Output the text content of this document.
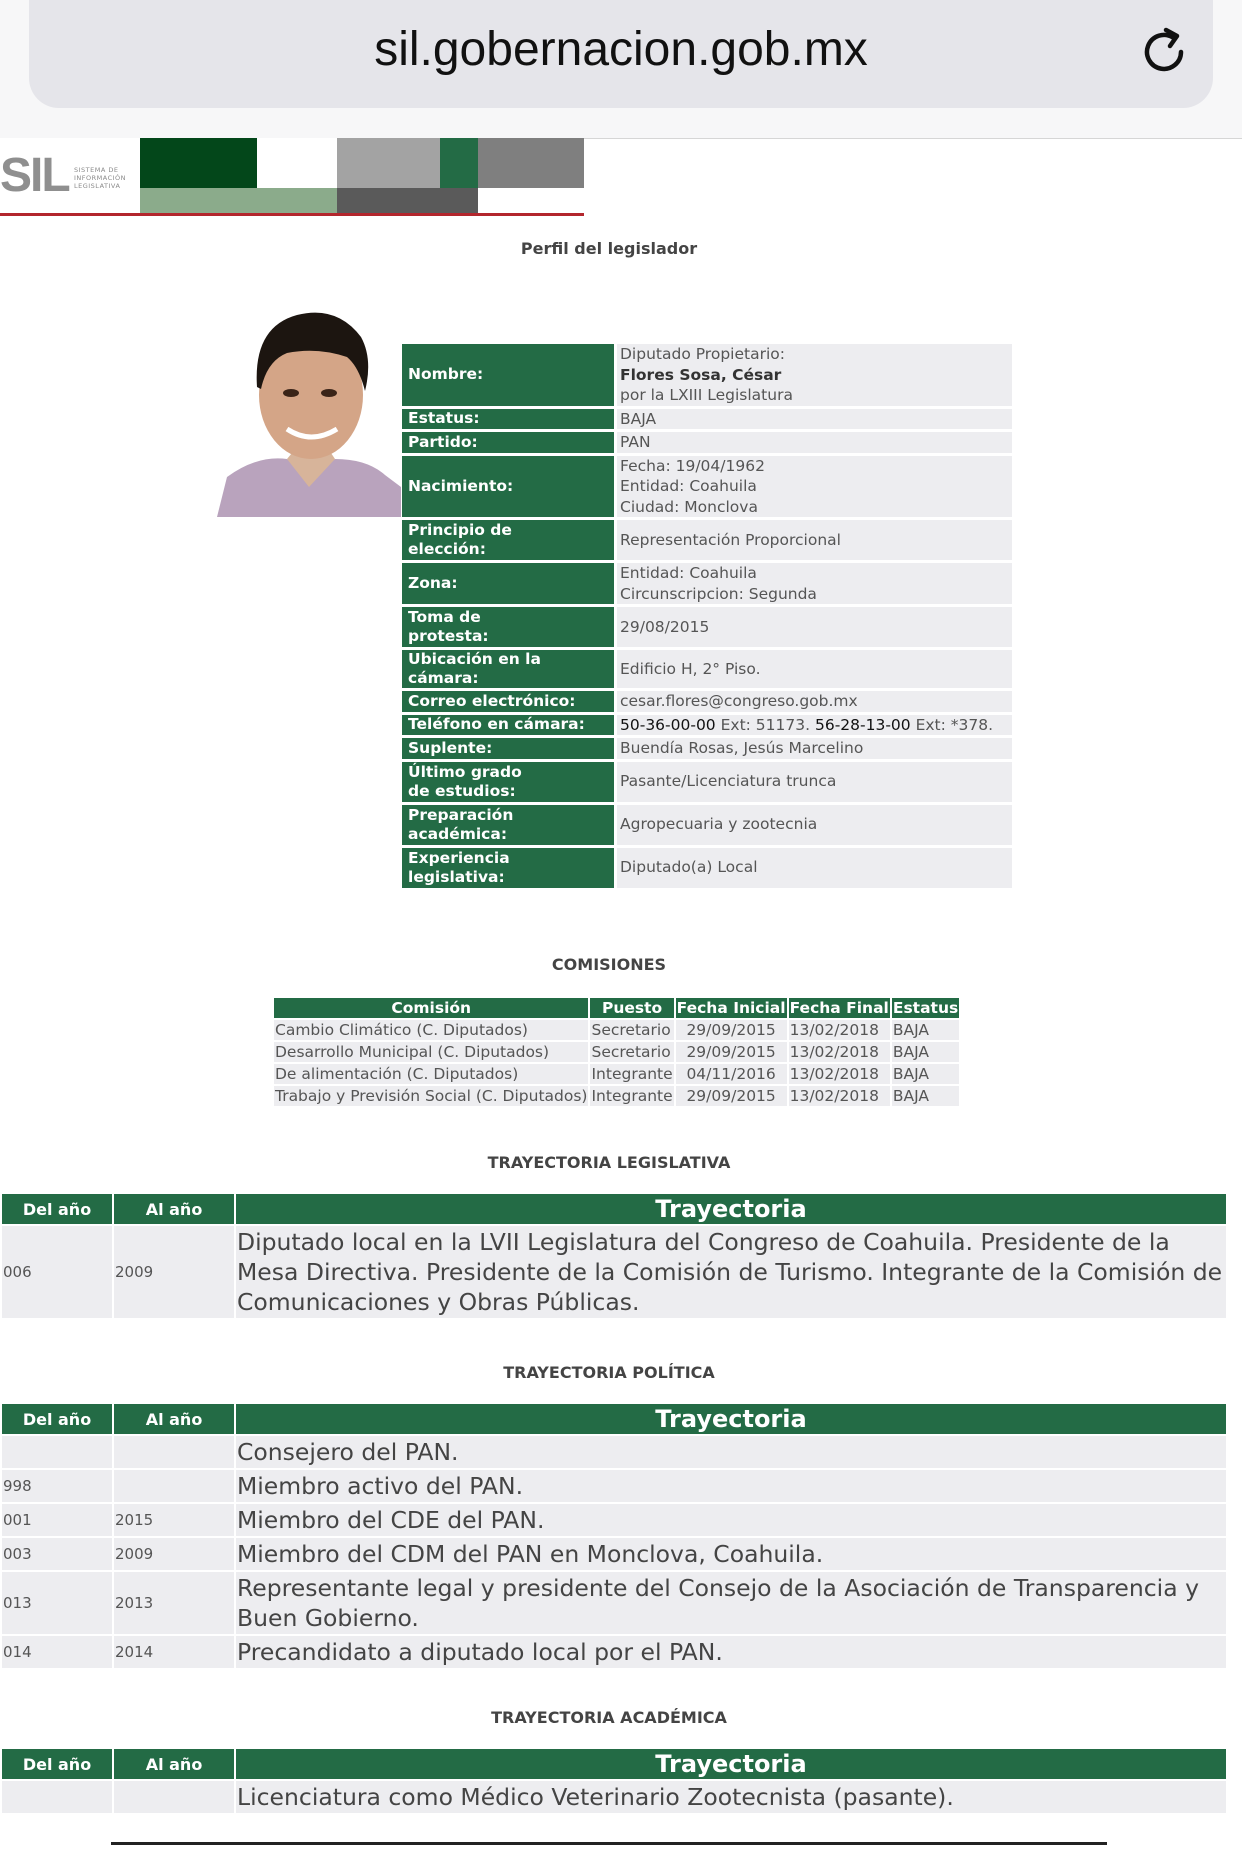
sil.gobernacion.gob.mx
SIL SISTEMA DE INFORMACIÓN LEGISLATIVA
Perfil del legislador
Nombre:		Diputado Propietario:
Flores Sosa, César
por la LXIII Legislatura

Estatus:		BAJA
Partido:		PAN
Nacimiento:		Fecha: 19/04/1962
Entidad: Coahuila
Ciudad: Monclova

Principio de
elección:		Representación Proporcional
Zona:		Entidad: Coahuila
Circunscripcion: Segunda

Toma de
protesta:		29/08/2015
Ubicación en la cámara:		Edificio H, 2° Piso.
Correo electrónico:		cesar.flores@congreso.gob.mx
Teléfono en cámara:		50-36-00-00 Ext: 51173. 56-28-13-00 Ext: *378.
Suplente:		Buendía Rosas, Jesús Marcelino

Último grado
de estudios:		Pasante/Licenciatura trunca

Preparación
académica:		Agropecuaria y zootecnia

Experiencia
legislativa:		Diputado(a) Local
COMISIONES
Comisión	Puesto	Fecha Inicial	Fecha Final	Estatus
Cambio Climático (C. Diputados)	Secretario	29/09/2015	13/02/2018	BAJA
Desarrollo Municipal (C. Diputados)	Secretario	29/09/2015	13/02/2018	BAJA
De alimentación (C. Diputados)	Integrante	04/11/2016	13/02/2018	BAJA
Trabajo y Previsión Social (C. Diputados)	Integrante	29/09/2015	13/02/2018	BAJA
TRAYECTORIA LEGISLATIVA
Del año	Al año	Trayectoria
006	2009	Diputado local en la LVII Legislatura del Congreso de Coahuila. Presidente de la Mesa Directiva. Presidente de la Comisión de Turismo. Integrante de la Comisión de Comunicaciones y Obras Públicas.
TRAYECTORIA POLÍTICA
Del año	Al año	Trayectoria
		Consejero del PAN.
998		Miembro activo del PAN.
001	2015	Miembro del CDE del PAN.
003	2009	Miembro del CDM del PAN en Monclova, Coahuila.
013	2013	Representante legal y presidente del Consejo de la Asociación de Transparencia y Buen Gobierno.
014	2014	Precandidato a diputado local por el PAN.
TRAYECTORIA ACADÉMICA
Del año	Al año	Trayectoria
		Licenciatura como Médico Veterinario Zootecnista (pasante).
